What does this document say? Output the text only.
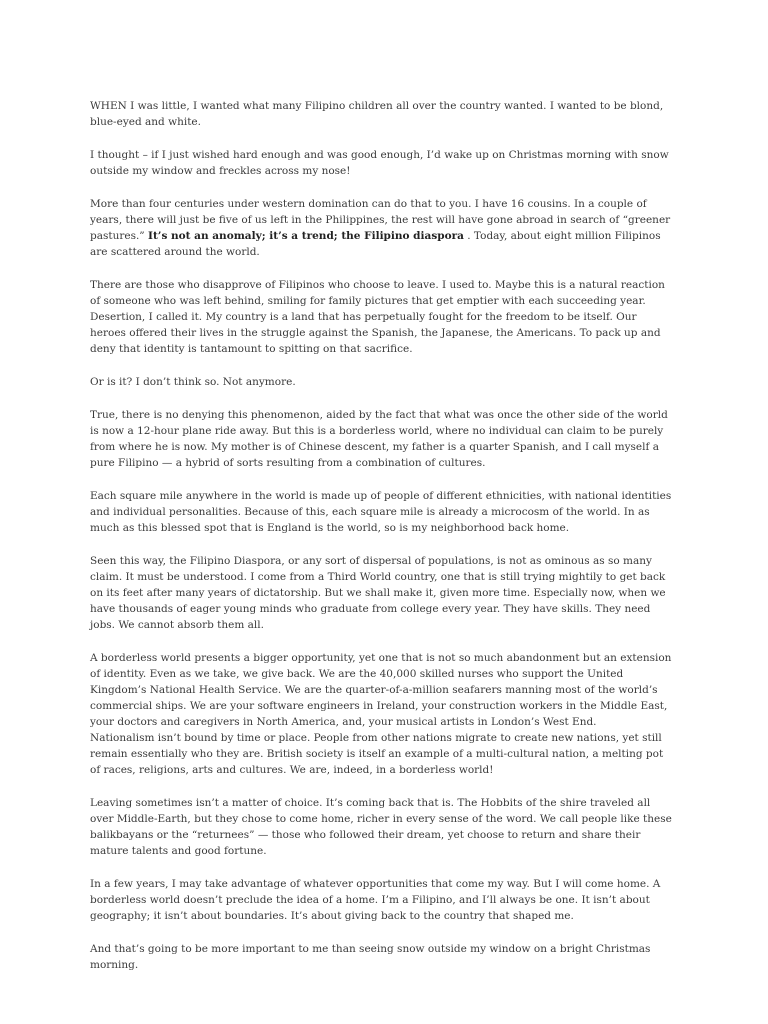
WHEN I was little, I wanted what many Filipino children all over the country wanted. I wanted to be blond, blue-eyed and white.

I thought – if I just wished hard enough and was good enough, I’d wake up on Christmas morning with snow outside my window and freckles across my nose!

More than four centuries under western domination can do that to you. I have 16 cousins. In a couple of years, there will just be five of us left in the Philippines, the rest will have gone abroad in search of “greener pastures.” It’s not an anomaly; it’s a trend; the Filipino diaspora . Today, about eight million Filipinos are scattered around the world.

There are those who disapprove of Filipinos who choose to leave. I used to. Maybe this is a natural reaction of someone who was left behind, smiling for family pictures that get emptier with each succeeding year. Desertion, I called it. My country is a land that has perpetually fought for the freedom to be itself. Our heroes offered their lives in the struggle against the Spanish, the Japanese, the Americans. To pack up and deny that identity is tantamount to spitting on that sacrifice.

Or is it? I don’t think so. Not anymore.

True, there is no denying this phenomenon, aided by the fact that what was once the other side of the world is now a 12-hour plane ride away. But this is a borderless world, where no individual can claim to be purely from where he is now. My mother is of Chinese descent, my father is a quarter Spanish, and I call myself a pure Filipino — a hybrid of sorts resulting from a combination of cultures.

Each square mile anywhere in the world is made up of people of different ethnicities, with national identities and individual personalities. Because of this, each square mile is already a microcosm of the world. In as much as this blessed spot that is England is the world, so is my neighborhood back home.

Seen this way, the Filipino Diaspora, or any sort of dispersal of populations, is not as ominous as so many claim. It must be understood. I come from a Third World country, one that is still trying mightily to get back on its feet after many years of dictatorship. But we shall make it, given more time. Especially now, when we have thousands of eager young minds who graduate from college every year. They have skills. They need jobs. We cannot absorb them all.

A borderless world presents a bigger opportunity, yet one that is not so much abandonment but an extension of identity. Even as we take, we give back. We are the 40,000 skilled nurses who support the United Kingdom’s National Health Service. We are the quarter-of-a-million seafarers manning most of the world’s commercial ships. We are your software engineers in Ireland, your construction workers in the Middle East, your doctors and caregivers in North America, and, your musical artists in London’s West End.

Nationalism isn’t bound by time or place. People from other nations migrate to create new nations, yet still remain essentially who they are. British society is itself an example of a multi-cultural nation, a melting pot of races, religions, arts and cultures. We are, indeed, in a borderless world!

Leaving sometimes isn’t a matter of choice. It’s coming back that is. The Hobbits of the shire traveled all over Middle-Earth, but they chose to come home, richer in every sense of the word. We call people like these balikbayans or the “returnees” — those who followed their dream, yet choose to return and share their mature talents and good fortune.

In a few years, I may take advantage of whatever opportunities that come my way. But I will come home. A borderless world doesn’t preclude the idea of a home. I’m a Filipino, and I’ll always be one. It isn’t about geography; it isn’t about boundaries. It’s about giving back to the country that shaped me.

And that’s going to be more important to me than seeing snow outside my window on a bright Christmas morning.
